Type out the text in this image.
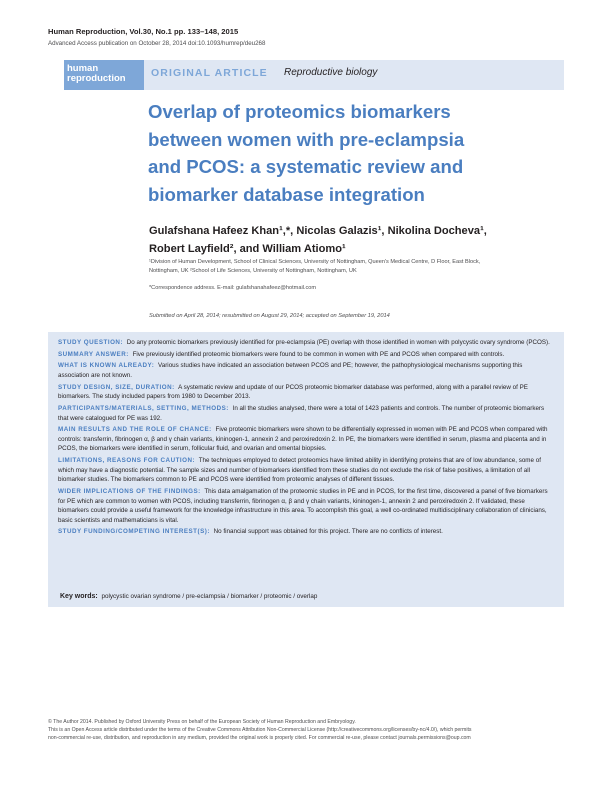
Human Reproduction, Vol.30, No.1 pp. 133–148, 2015
Advanced Access publication on October 28, 2014 doi:10.1093/humrep/deu268
human
reproduction ORIGINAL ARTICLE Reproductive biology
Overlap of proteomics biomarkers
between women with pre-eclampsia
and PCOS: a systematic review and
biomarker database integration
Gulafshana Hafeez Khan¹,*, Nicolas Galazis¹, Nikolina Docheva¹,
Robert Layfield², and William Atiomo¹
¹Division of Human Development, School of Clinical Sciences, University of Nottingham, Queen's Medical Centre, D Floor, East Block,
Nottingham, UK ²School of Life Sciences, University of Nottingham, Nottingham, UK
*Correspondence address. E-mail: gulafshanahafeez@hotmail.com
Submitted on April 28, 2014; resubmitted on August 29, 2014; accepted on September 19, 2014
STUDY QUESTION: Do any proteomic biomarkers previously identified for pre-eclampsia (PE) overlap with those identified in women with polycystic ovary syndrome (PCOS).
SUMMARY ANSWER: Five previously identified proteomic biomarkers were found to be common in women with PE and PCOS when compared with controls.
WHAT IS KNOWN ALREADY: Various studies have indicated an association between PCOS and PE; however, the pathophysiological mechanisms supporting this association are not known.
STUDY DESIGN, SIZE, DURATION: A systematic review and update of our PCOS proteomic biomarker database was performed, along with a parallel review of PE biomarkers. The study included papers from 1980 to December 2013.
PARTICIPANTS/MATERIALS, SETTING, METHODS: In all the studies analysed, there were a total of 1423 patients and controls. The number of proteomic biomarkers that were catalogued for PE was 192.
MAIN RESULTS AND THE ROLE OF CHANCE: Five proteomic biomarkers were shown to be differentially expressed in women with PE and PCOS when compared with controls: transferrin, fibrinogen α, β and γ chain variants, kininogen-1, annexin 2 and peroxiredoxin 2. In PE, the biomarkers were identified in serum, plasma and placenta and in PCOS, the biomarkers were identified in serum, follicular fluid, and ovarian and omental biopsies.
LIMITATIONS, REASONS FOR CAUTION: The techniques employed to detect proteomics have limited ability in identifying proteins that are of low abundance, some of which may have a diagnostic potential. The sample sizes and number of biomarkers identified from these studies do not exclude the risk of false positives, a limitation of all biomarker studies. The biomarkers common to PE and PCOS were identified from proteomic analyses of different tissues.
WIDER IMPLICATIONS OF THE FINDINGS: This data amalgamation of the proteomic studies in PE and in PCOS, for the first time, discovered a panel of five biomarkers for PE which are common to women with PCOS, including transferrin, fibrinogen α, β and γ chain variants, kininogen-1, annexin 2 and peroxiredoxin 2. If validated, these biomarkers could provide a useful framework for the knowledge infrastructure in this area. To accomplish this goal, a well co-ordinated multidisciplinary collaboration of clinicians, basic scientists and mathematicians is vital.
STUDY FUNDING/COMPETING INTEREST(S): No financial support was obtained for this project. There are no conflicts of interest.
Key words: polycystic ovarian syndrome / pre-eclampsia / biomarker / proteomic / overlap
© The Author 2014. Published by Oxford University Press on behalf of the European Society of Human Reproduction and Embryology.
This is an Open Access article distributed under the terms of the Creative Commons Attribution Non-Commercial License (http://creativecommons.org/licenses/by-nc/4.0/), which permits
non-commercial re-use, distribution, and reproduction in any medium, provided the original work is properly cited. For commercial re-use, please contact journals.permissions@oup.com
